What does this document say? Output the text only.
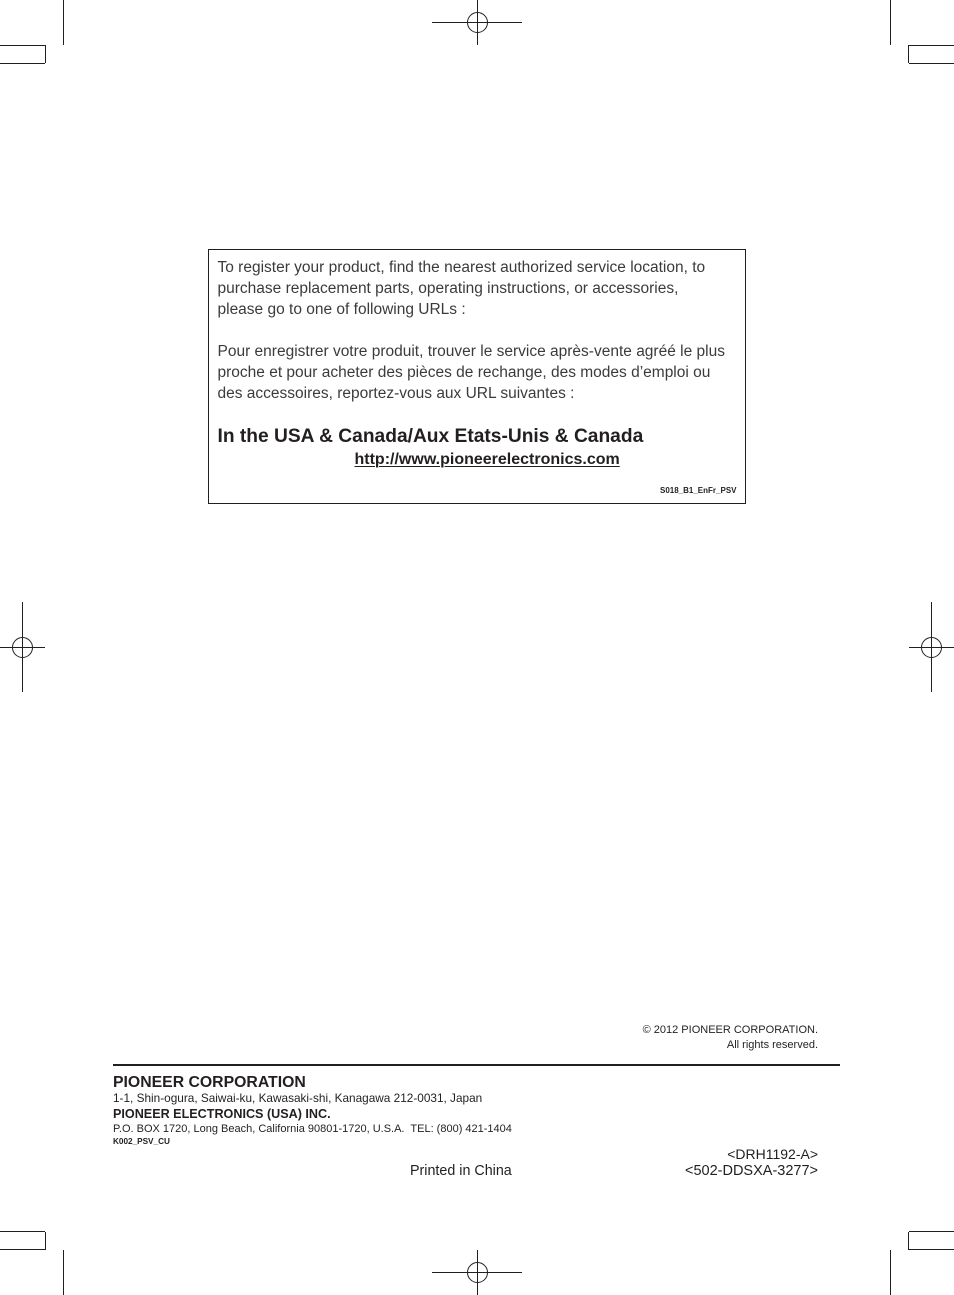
To register your product, find the nearest authorized service location, to
purchase replacement parts, operating instructions, or accessories,
please go to one of following URLs :

Pour enregistrer votre produit, trouver le service après-vente agréé le plus
proche et pour acheter des pièces de rechange, des modes d’emploi ou
des accessoires, reportez-vous aux URL suivantes :

In the USA & Canada/Aux Etats-Unis & Canada
http://www.pioneerelectronics.com
S018_B1_EnFr_PSV
© 2012 PIONEER CORPORATION.
All rights reserved.
PIONEER CORPORATION
1-1, Shin-ogura, Saiwai-ku, Kawasaki-shi, Kanagawa 212-0031, Japan
PIONEER ELECTRONICS (USA) INC.
P.O. BOX 1720, Long Beach, California 90801-1720, U.S.A.  TEL: (800) 421-1404
K002_PSV_CU
<DRH1192-A>
Printed in China	<502-DDSXA-3277>
